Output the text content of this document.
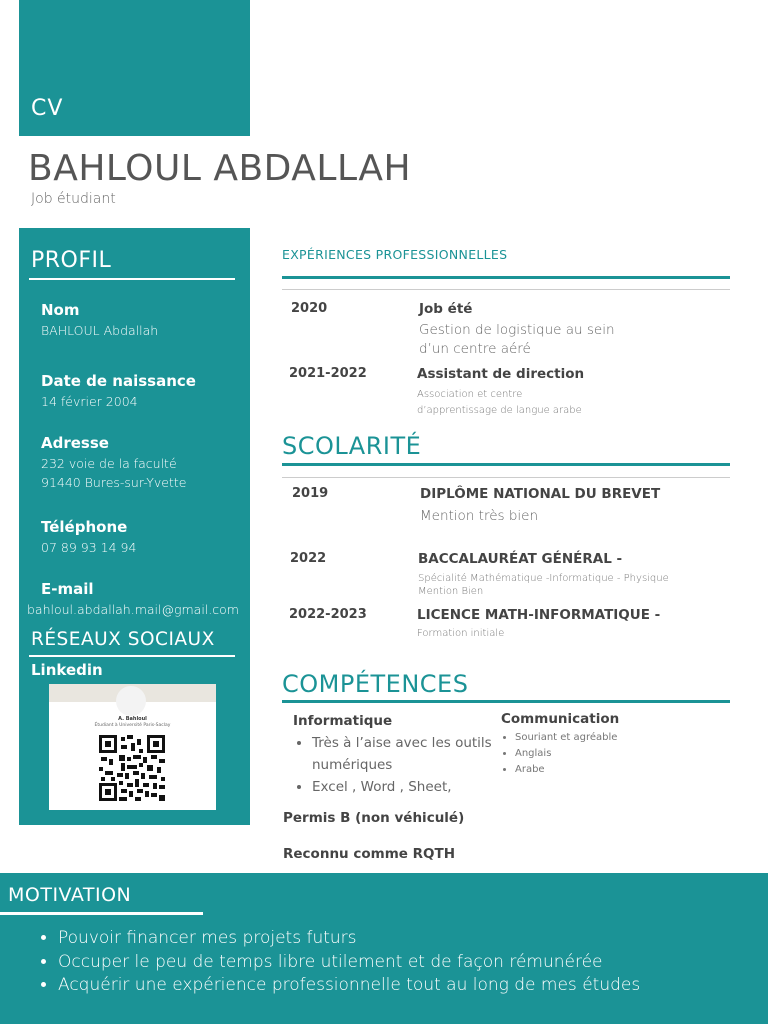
CV
BAHLOUL ABDALLAH
Job étudiant
PROFIL
Nom
BAHLOUL Abdallah
Date de naissance
14 février 2004
Adresse
232 voie de la faculté
91440 Bures-sur-Yvette
Téléphone
07 89 93 14 94
E-mail
bahloul.abdallah.mail@gmail.com
RÉSEAUX SOCIAUX
Linkedin
A. Bahloul
Étudiant à Université Paris-Saclay
EXPÉRIENCES PROFESSIONNELLES
2020	Job été
Gestion de logistique au sein
d’un centre aéré
2021-2022	Assistant de direction
Association et centre
d’apprentissage de langue arabe
SCOLARITÉ
2019	DIPLÔME NATIONAL DU BREVET
Mention très bien
2022	BACCALAURÉAT GÉNÉRAL -
Spécialité Mathématique -Informatique - Physique
Mention Bien
2022-2023	LICENCE MATH-INFORMATIQUE -
Formation initiale
COMPÉTENCES
Informatique
• Très à l’aise avec les outils numériques
• Excel , Word , Sheet,
Communication
• Souriant et agréable
• Anglais
• Arabe
Permis B (non véhiculé)
Reconnu comme RQTH
MOTIVATION
• Pouvoir financer mes projets futurs
• Occuper le peu de temps libre utilement et de façon rémunérée
• Acquérir une expérience professionnelle tout au long de mes études
